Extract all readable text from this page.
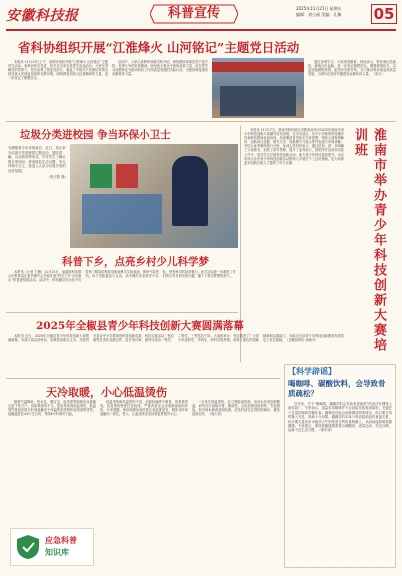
安徽科技报	科普宣传	2025年11月21日 星期五
编辑：刘小丽 美编：孔黎 05
省科协组织开展“江淮烽火 山河铭记”主题党日活动

本报讯 11月13日上午，省科协组织开展“江淮烽火 山河铭记”主题党日活动。省科协机关党委、机关各支部全体党员参加活动。大家在讲解员的带领下，依次参观了展览各部分，重温了中国共产党团结带领全国各族人民浴血奋战的光辉历程，深刻感受到伟大抗战精神的力量，进一步坚定了理想信念。

活动中，大家认真聆听讲解员的介绍，深刻感悟革命先烈不屈不挠、英勇斗争的崇高精神，纷纷表示要从中汲取奋进力量，切实把学习成果转化为推动科协工作高质量发展的实际行动，为建设科技强省贡献科协力量。

通过参观学习，大家深受教育，纷纷表示，要传承红色基因，赓续红色血脉，进一步坚定理想信念，增强使命担当，以更加饱满的热情、更加务实的作风，全力推动科协事业高质量发展，为现代化美好安徽建设贡献科协力量。（宋平）

垃圾分类进校园 争当环保小卫士

为增强青少年环保意识，近日，某区举办垃圾分类进校园主题活动，通过讲解、互动游戏等形式，引导学生了解垃圾分类知识，养成绿色生活习惯，争当环保小卫士，营造人人参与垃圾分类的良好氛围。

（张天阳 摄）	淮南市举办青少年科技创新大赛培训班

本报讯 11月17日，淮南市科协联合市教育局举办2025年淮南市青少年科技创新大赛辅导员培训班。全市各县区、各中小学校的科技辅导员和科技教师参加培训。培训邀请省内知名专家授课，围绕大赛规则解读、创新项目选题、研究方法、成果撰写与展示等内容进行详细讲解，并结合优秀案例进行分析。参训人员纷纷表示，通过培训，进一步明确了大赛要求，拓宽了指导思路，提升了业务能力，将把所学运用到实际工作中，指导学生开展科技创新活动，助力青少年科技素质提升。本次培训为全市青少年科技创新活动的深入开展打下了良好基础，也为培养更多创新后备人才提供了有力支撑。

科普下乡，点亮乡村少儿科学梦

本报讯（记者 王楠）11月15日，巢湖市科协联合市教育局在某乡镇中心学校开展“科学下乡·点亮童心”科普进校园活动。活动中，科技辅导员为孩子们带来了精彩的科普讲座和科学实验表演，现场气氛热烈。孩子们积极参与互动，亲手操作各类科学小实验，感受科学的神奇魅力。此次活动进一步激发了乡村青少年对科学的兴趣，播下了科学梦想的种子。

2025年全椒县青少年科技创新大赛圆满落幕

本报讯 近日，2025年全椒县青少年科技创新大赛圆满落幕。本届大赛由县科协、县教育局联合主办，共收到全县各中小学推荐的科技创新成果、科技实践活动、科幻画等各类作品数百件。经专家评审，最终评选出一等奖、二等奖、三等奖若干项。大赛的举办，有效激发了广大青少年爱科学、学科学、用科学的热情，培养了他们的创新精神和实践能力，为推动全县青少年科技创新教育发展奠定了坚实基础。（全椒县科协 孙晓平）

【科学辟谣】
喝咖啡、碳酸饮料，会导致骨质疏松？

近年来，关于“喝咖啡、碳酸饮料会导致骨质疏松”的说法在网络上流传甚广。专家表示，适量饮用咖啡并不会直接导致骨质疏松，关键在于总量控制和均衡饮食。咖啡因可能会轻微增加钙的排出，但只要日常钙摄入充足，影响十分有限。碳酸饮料本身与骨质疏松没有直接关系，但长期大量饮用可能挤占牛奶等富含钙的食物摄入，从而间接影响骨骼健康。专家建议，保持骨骼健康需要合理膳食、适量运动、充足日晒，远离不良生活习惯。（陈东诗）

天冷取暖，小心低温烫伤

随着气温降低，热水袋、暖宝宝、电热毯等取暖用品逐渐走进千家万户。但如果使用不当，很容易造成低温烫伤。低温烫伤是指皮肤长时间接触高于体温的低热物体而造成的烫伤，接触温度在44℃左右时，持续6小时即可引起。

低温烫伤和高温烫伤不同，创面疼痛感不明显，常常被忽视，但其烫伤程度往往较深，严重者甚至会造成深部组织坏死。专家提醒，使用取暖用品时要注意温度适宜，避免长时间接触同一部位，老人、儿童及感觉迟钝者更要格外小心。

一旦发生低温烫伤，应立即脱离热源，用凉水冲洗创面降温，切勿自行涂抹牙膏、酱油等，以免加重创面损伤、引起感染。如出现水疱或创面较深，应及时前往正规医院就诊，避免延误治疗。（周大伟）

应急科普
知识库
